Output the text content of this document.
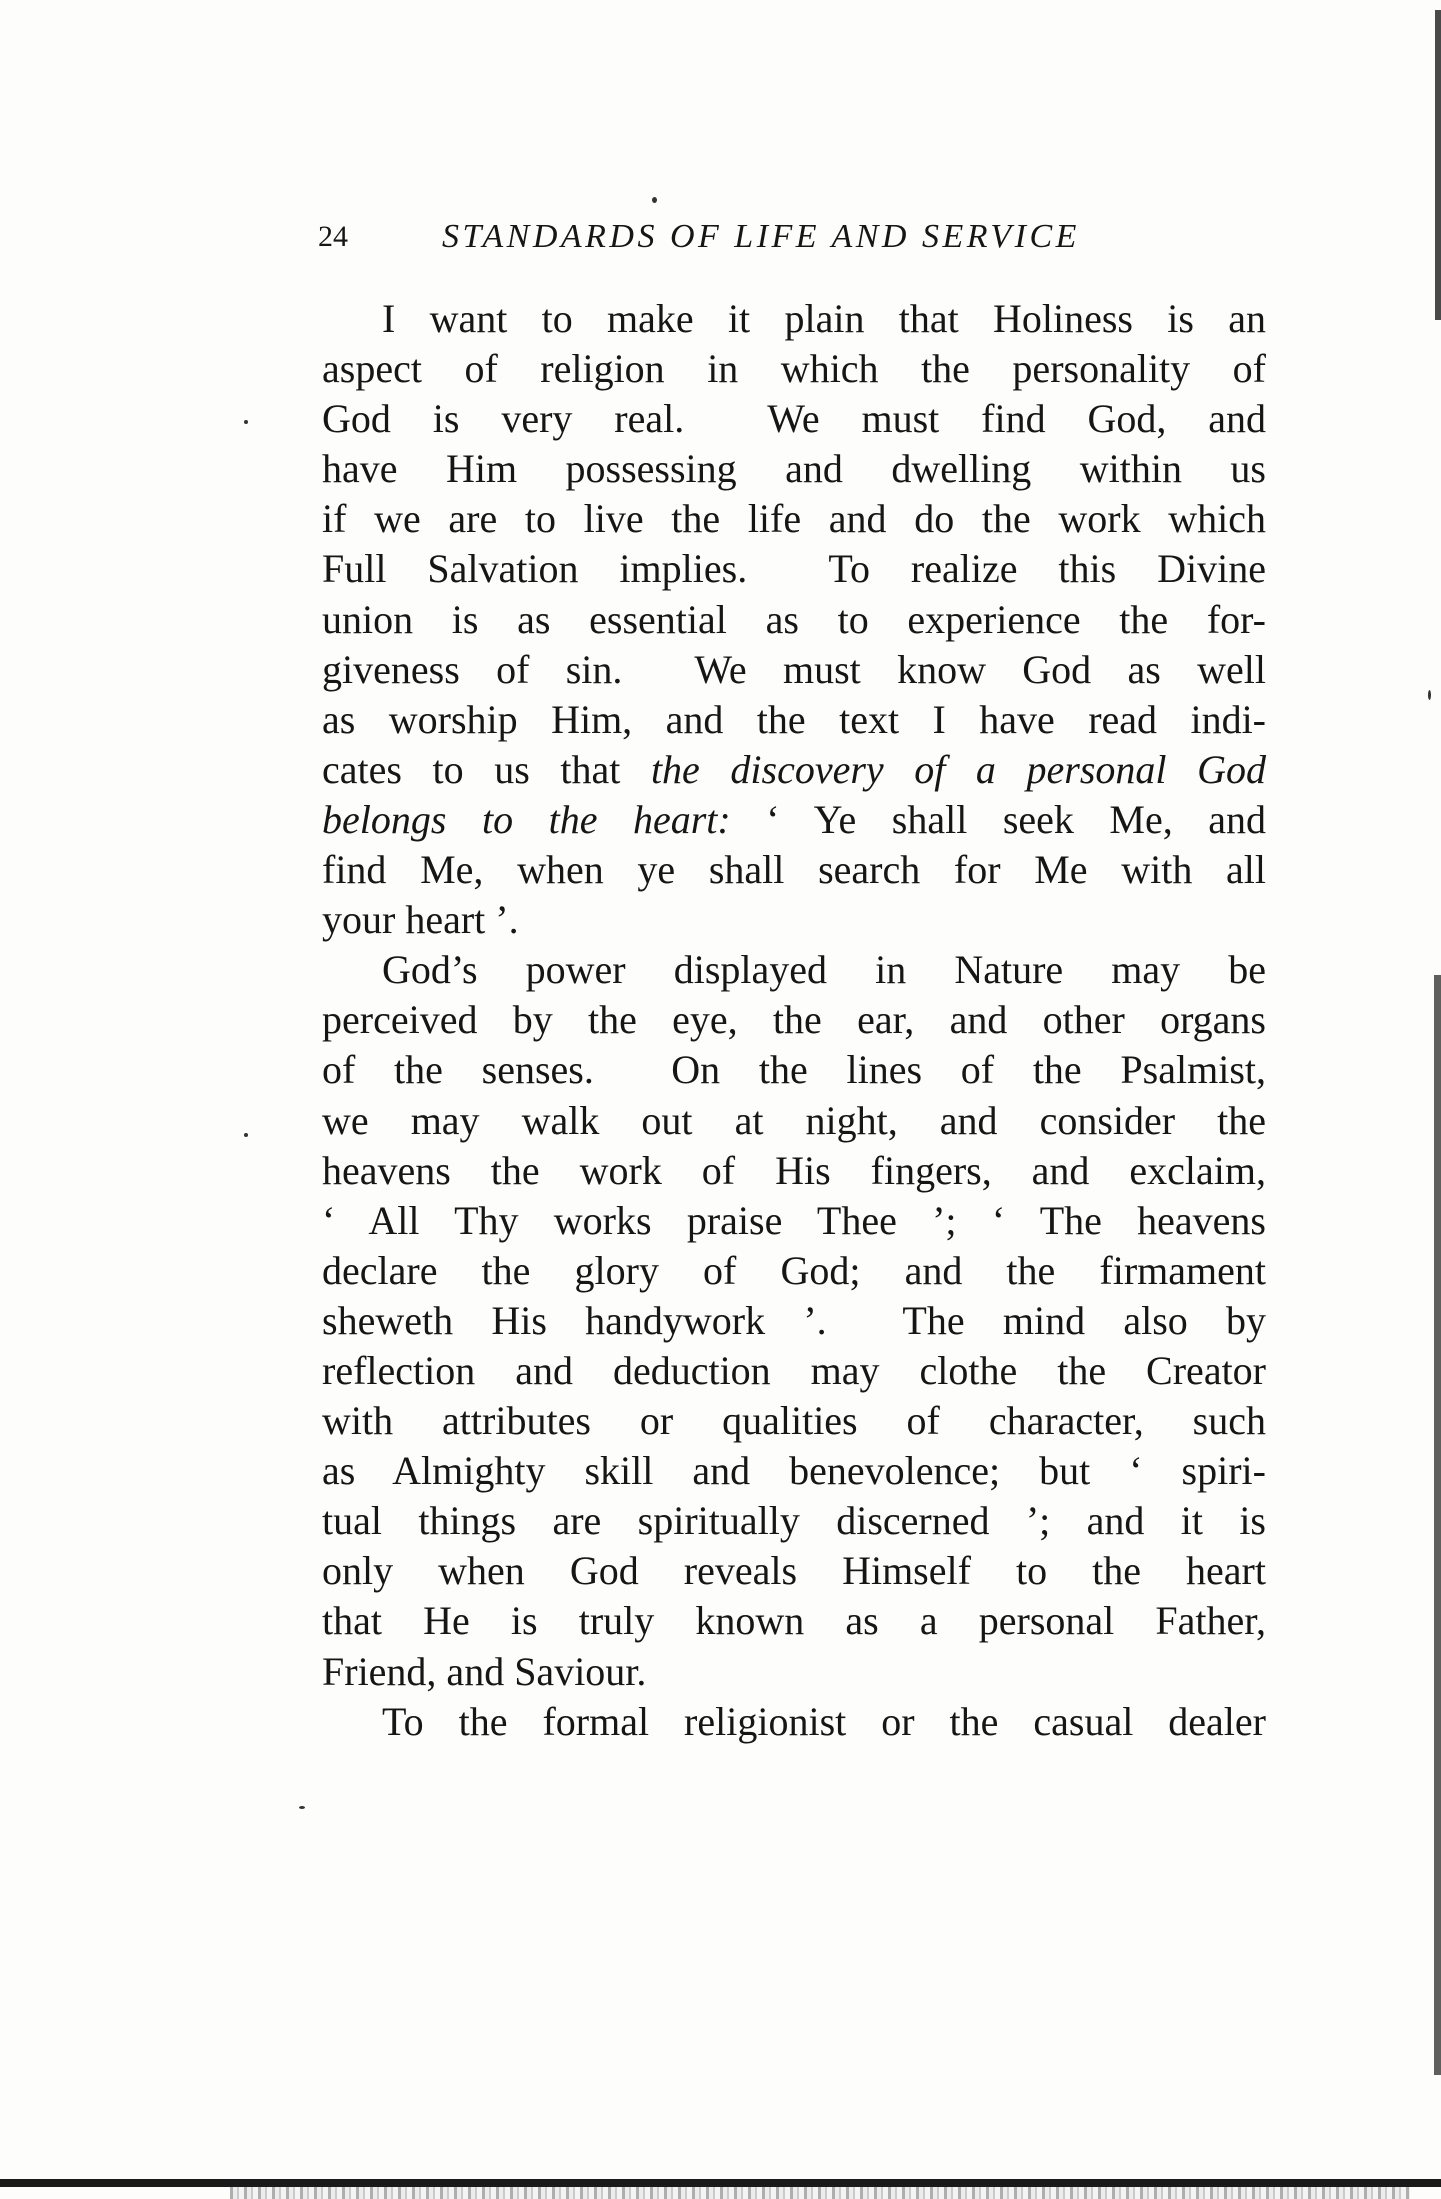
24	STANDARDS OF LIFE AND SERVICE
I want to make it plain that Holiness is an
aspect of religion in which the personality of
God is very real.  We must find God, and
have Him possessing and dwelling within us
if we are to live the life and do the work which
Full Salvation implies.  To realize this Divine
union is as essential as to experience the for-
giveness of sin.  We must know God as well
as worship Him, and the text I have read indi-
cates to us that the discovery of a personal God
belongs to the heart: ‘ Ye shall seek Me, and
find Me, when ye shall search for Me with all
your heart ’.
God’s power displayed in Nature may be
perceived by the eye, the ear, and other organs
of the senses.  On the lines of the Psalmist,
we may walk out at night, and consider the
heavens the work of His fingers, and exclaim,
‘ All Thy works praise Thee ’; ‘ The heavens
declare the glory of God; and the firmament
sheweth His handywork ’.  The mind also by
reflection and deduction may clothe the Creator
with attributes or qualities of character, such
as Almighty skill and benevolence; but ‘ spiri-
tual things are spiritually discerned ’; and it is
only when God reveals Himself to the heart
that He is truly known as a personal Father,
Friend, and Saviour.
To the formal religionist or the casual dealer
